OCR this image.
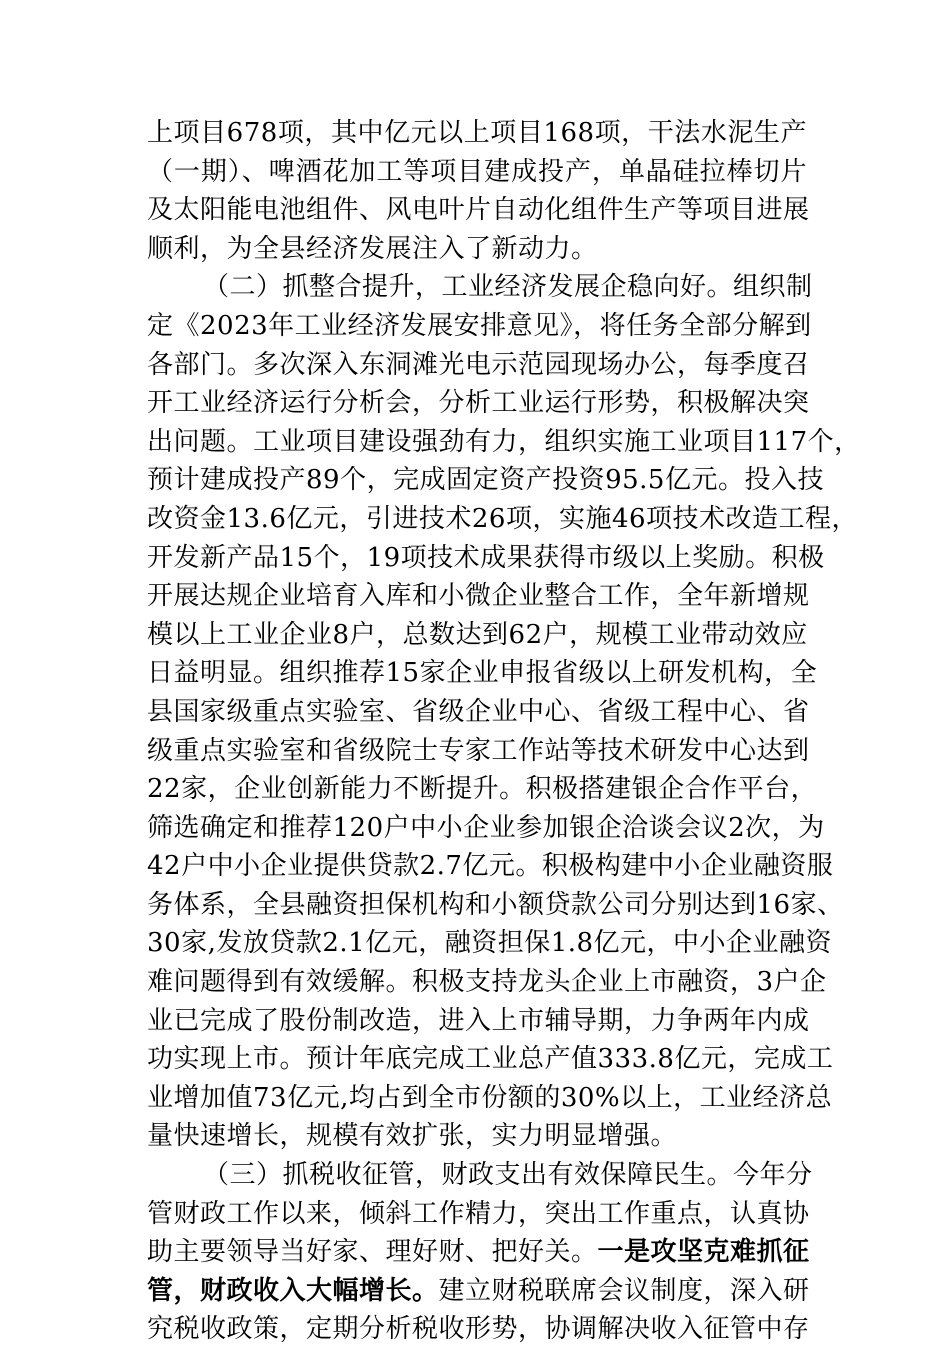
上项目678项，其中亿元以上项目168项，干法水泥生产
（一期）、啤酒花加工等项目建成投产，单晶硅拉棒切片
及太阳能电池组件、风电叶片自动化组件生产等项目进展
顺利，为全县经济发展注入了新动力。
（二）抓整合提升，工业经济发展企稳向好。组织制
定《2023年工业经济发展安排意见》，将任务全部分解到
各部门。多次深入东洞滩光电示范园现场办公，每季度召
开工业经济运行分析会，分析工业运行形势，积极解决突
出问题。工业项目建设强劲有力，组织实施工业项目117个，
预计建成投产89个，完成固定资产投资95.5亿元。投入技
改资金13.6亿元，引进技术26项，实施46项技术改造工程，
开发新产品15个，19项技术成果获得市级以上奖励。积极
开展达规企业培育入库和小微企业整合工作，全年新增规
模以上工业企业8户，总数达到62户，规模工业带动效应
日益明显。组织推荐15家企业申报省级以上研发机构，全
县国家级重点实验室、省级企业中心、省级工程中心、省
级重点实验室和省级院士专家工作站等技术研发中心达到
22家，企业创新能力不断提升。积极搭建银企合作平台，
筛选确定和推荐120户中小企业参加银企洽谈会议2次，为
42户中小企业提供贷款2.7亿元。积极构建中小企业融资服
务体系，全县融资担保机构和小额贷款公司分别达到16家、
30家,发放贷款2.1亿元，融资担保1.8亿元，中小企业融资
难问题得到有效缓解。积极支持龙头企业上市融资，3户企
业已完成了股份制改造，进入上市辅导期，力争两年内成
功实现上市。预计年底完成工业总产值333.8亿元，完成工
业增加值73亿元,均占到全市份额的30%以上，工业经济总
量快速增长，规模有效扩张，实力明显增强。
（三）抓税收征管，财政支出有效保障民生。今年分
管财政工作以来，倾斜工作精力，突出工作重点，认真协
助主要领导当好家、理好财、把好关。一是攻坚克难抓征
管，财政收入大幅增长。建立财税联席会议制度，深入研
究税收政策，定期分析税收形势，协调解决收入征管中存
